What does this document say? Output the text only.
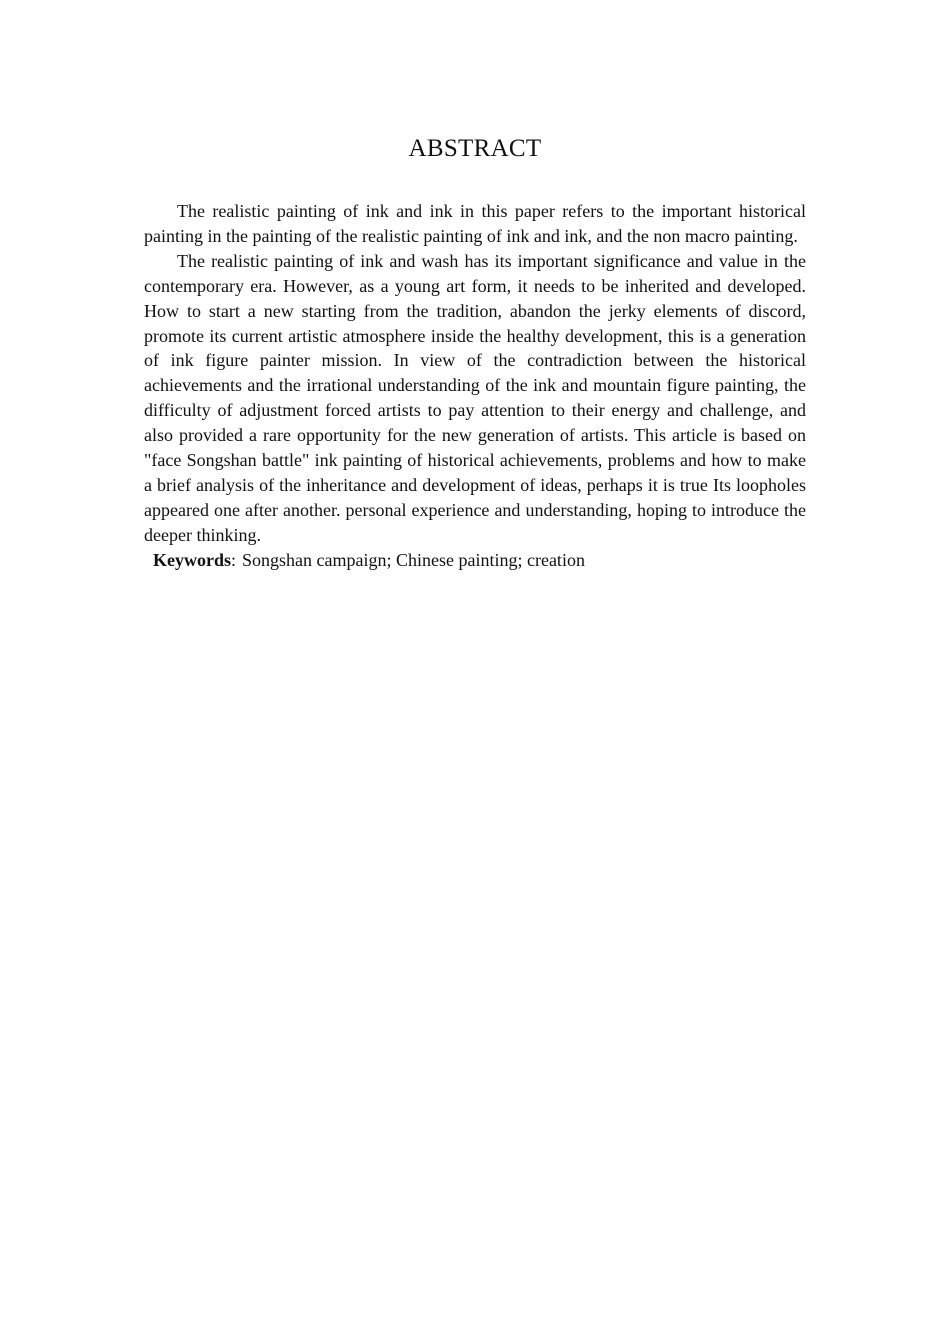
ABSTRACT

The realistic painting of ink and ink in this paper refers to the important historical painting in the painting of the realistic painting of ink and ink, and the non macro painting.

The realistic painting of ink and wash has its important significance and value in the contemporary era. However, as a young art form, it needs to be inherited and developed. How to start a new starting from the tradition, abandon the jerky elements of discord, promote its current artistic atmosphere inside the healthy development, this is a generation of ink figure painter mission. In view of the contradiction between the historical achievements and the irrational understanding of the ink and mountain figure painting, the difficulty of adjustment forced artists to pay attention to their energy and challenge, and also provided a rare opportunity for the new generation of artists. This article is based on "face Songshan battle" ink painting of historical achievements, problems and how to make a brief analysis of the inheritance and development of ideas, perhaps it is true Its loopholes appeared one after another. personal experience and understanding, hoping to introduce the deeper thinking.

Keywords: Songshan campaign; Chinese painting; creation
